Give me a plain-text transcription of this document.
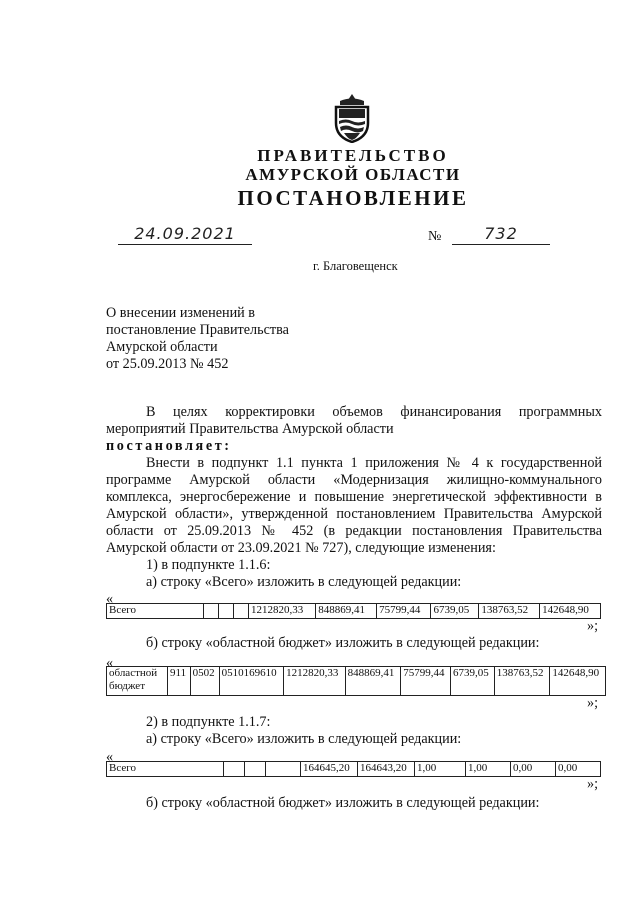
ПРАВИТЕЛЬСТВО
АМУРСКОЙ ОБЛАСТИ
ПОСТАНОВЛЕНИЕ
24.09.2021	№	732
г. Благовещенск
О внесении изменений в
постановление Правительства
Амурской области
от 25.09.2013 № 452
В целях корректировки объемов финансирования программных
мероприятий Правительства Амурской области
постановляет:
Внести в подпункт 1.1 пункта 1 приложения № 4 к государственной
программе Амурской области «Модернизация жилищно-коммунального
комплекса, энергосбережение и повышение энергетической эффективности в
Амурской области», утвержденной постановлением Правительства Амурской
области от 25.09.2013 № 452 (в редакции постановления Правительства
Амурской области от 23.09.2021 № 727), следующие изменения:
1) в подпункте 1.1.6:
а) строку «Всего» изложить в следующей редакции:
«
Всего				1212820,33	848869,41	75799,44	6739,05	138763,52	142648,90
»;
б) строку «областной бюджет» изложить в следующей редакции:
«
областной бюджет	911	0502	0510169610	1212820,33	848869,41	75799,44	6739,05	138763,52	142648,90
»;
2) в подпункте 1.1.7:
а) строку «Всего» изложить в следующей редакции:
«
Всего				164645,20	164643,20	1,00	1,00	0,00	0,00
»;
б) строку «областной бюджет» изложить в следующей редакции:
